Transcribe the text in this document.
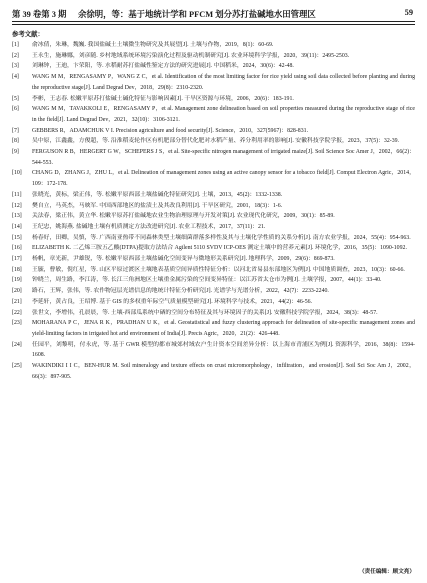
第 39 卷第 3 期 余徐明，等：基于地统计学和 PFCM 划分苏打盐碱地水田管理区	59
参考文献：
[1]	俞冰倩，朱琳，魏巍. 我国盐碱土土壤微生物研究及其展望[J]. 土壤与作物，2019，8(1)：60-69.
[2]	王永生，施琳娜，刘彦随. 乡村地域系统环境污染演化过程及驱动机制研究[J]. 农业环境科学学报，2020，39(11)：2495-2503.
[3]	刘琳钟，王迪，卞荣阳，等. 水稻耐苏打盐碱性鉴定方法的研究进展[J]. 中国稻米，2024，30(6)：42-48.
[4]	WANG M M，RENGASAMY P，WANG Z C，et al. Identification of the most limiting factor for rice yield using soil data collected before planting and during the reproductive stage[J]. Land Degrad Dev，2018，29(8)：2310-2320.
[5]	李彬，王志春. 松嫩平原苏打盐碱土碱化特征与影响因素[J]. 干旱区资源与环境，2006，20(6)：183-191.
[6]	WANG M M，TAVAKKOLI E，RENGASAMY P，et al. Management zone delineation based on soil properties measured during the reproductive stage of rice in the field[J]. Land Degrad Dev，2021，32(10)：3106-3121.
[7]	GEBBERS R，ADAMCHUK V I. Precision agriculture and food security[J]. Science，2010，327(5967)：828-831.
[8]	吴中原，江鑫鑫，方俊超，等. 沿淮稻麦轮作区有机肥部分替代化肥对水稻产量、养分利用率的影响[J]. 安徽科技学院学报，2023，37(5)：32-39.
[9]	FERGUSON R B，HERGERT G W，SCHEPERS J S，et al. Site-specific nitrogen management of irrigated maize[J]. Soil Science Soc Amer J，2002，66(2)：544-553.
[10]	CHANG D，ZHANG J，ZHU L，et al. Delineation of management zones using an active canopy sensor for a tobacco field[J]. Comput Electron Agric，2014，109：172-178.
[11]	张晓光，黄标，梁正伟，等. 松嫩平原西部土壤盐碱化特征研究[J]. 土壤，2013，45(2)：1332-1338.
[12]	樊自立，马英杰，马映军. 中国西部地区的盐渍土及其改良利用[J]. 干旱区研究，2001，18(3)：1-6.
[13]	关法春，梁正伟，黄立华. 松嫩平原苏打盐碱地农业生物治理原理与开发对策[J]. 农业现代化研究，2009，30(1)：85-89.
[14]	王纪忠，姚海燕. 盐碱地土壤有机质测定方法改进研究[J]. 农业工程技术，2017，37(11)：21.
[15]	杨春好，田卿，吴慎，等. 广西南亚热带不同森林类型土壤细菌群落多样性及其与土壤化学性质的关系分析[J]. 南方农业学报，2024，55(4)：954-963.
[16]	ELIZABETH K. 二乙烯三胺五乙酸(DTPA)提取方法结合 Agilent 5110 SVDV ICP-OES 测定土壤中的营养元素[J]. 环境化学，2016，35(5)：1090-1092.
[17]	杨帆，章光新，尹雄锐，等. 松嫩平原西部土壤盐碱化空间变异与微地形关系研究[J]. 地理科学，2009，29(6)：869-873.
[18]	王毓，曹敏，倪红星，等. 山区平原过渡区土壤地表基质空间异质性特征分析：以河北省易县东部地区为例[J]. 中国地质调查，2023，10(3)：60-66.
[19]	钟晓兰，周生路，李江涛，等. 长江三角洲地区土壤重金属污染的空间变异特征：以江苏省太仓市为例[J]. 土壤学报，2007，44(1)：33-40.
[20]	路石，王辉，张伟，等. 农作物冠层光谱信息的地统计特征分析研究[J]. 光谱学与光谱分析，2022，42(7)：2233-2240.
[21]	李延轩，黄占良，王绍博. 基于 GIS 的多权重年际空气质量模型研究[J]. 环境科学与技术，2021，44(2)：46-56.
[22]	张世文，李增伟，孔晨晨，等. 土壤-西部瓜系统中硒的空间分布特征及其与环境因子的关系[J]. 安徽科技学院学报，2024，38(3)：48-57.
[23]	MOHARANA P C，JENA R K，PRADHAN U K，et al. Geostatistical and fuzzy clustering approach for delineation of site-specific management zones and yield-limiting factors in irrigated hot arid environment of India[J]. Precis Agric，2020，21(2)：426-448.
[24]	任园平，刘黎明，付永虎，等. 基于 GWR 模型的都市城郊村域农户生计资本空间差异分析：以上海市青浦区为例[J]. 资源科学，2016，38(8)：1594-1608.
[25]	WAKINDIKI I I C，BEN-HUR M. Soil mineralogy and texture effects on crust micromorphology，infiltration，and erosion[J]. Soil Sci Soc Am J，2002，66(3)：897-905.
（责任编辑：顾文亮）
